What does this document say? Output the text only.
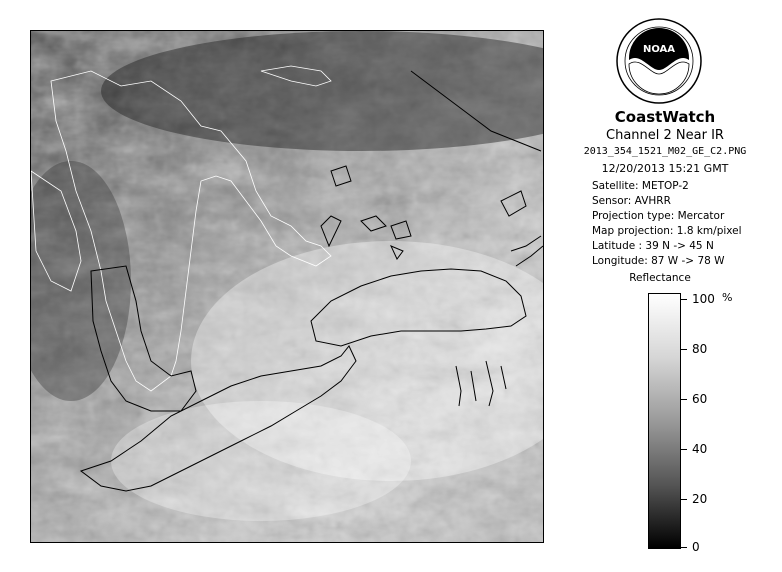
NOAA
CoastWatch
Channel 2 Near IR
2013_354_1521_M02_GE_C2.PNG
12/20/2013 15:21 GMT
Satellite: METOP-2
Sensor: AVHRR
Projection type: Mercator
Map projection: 1.8 km/pixel
Latitude : 39 N -> 45 N
Longitude: 87 W -> 78 W
Reflectance
%
100
80
60
40
20
0
